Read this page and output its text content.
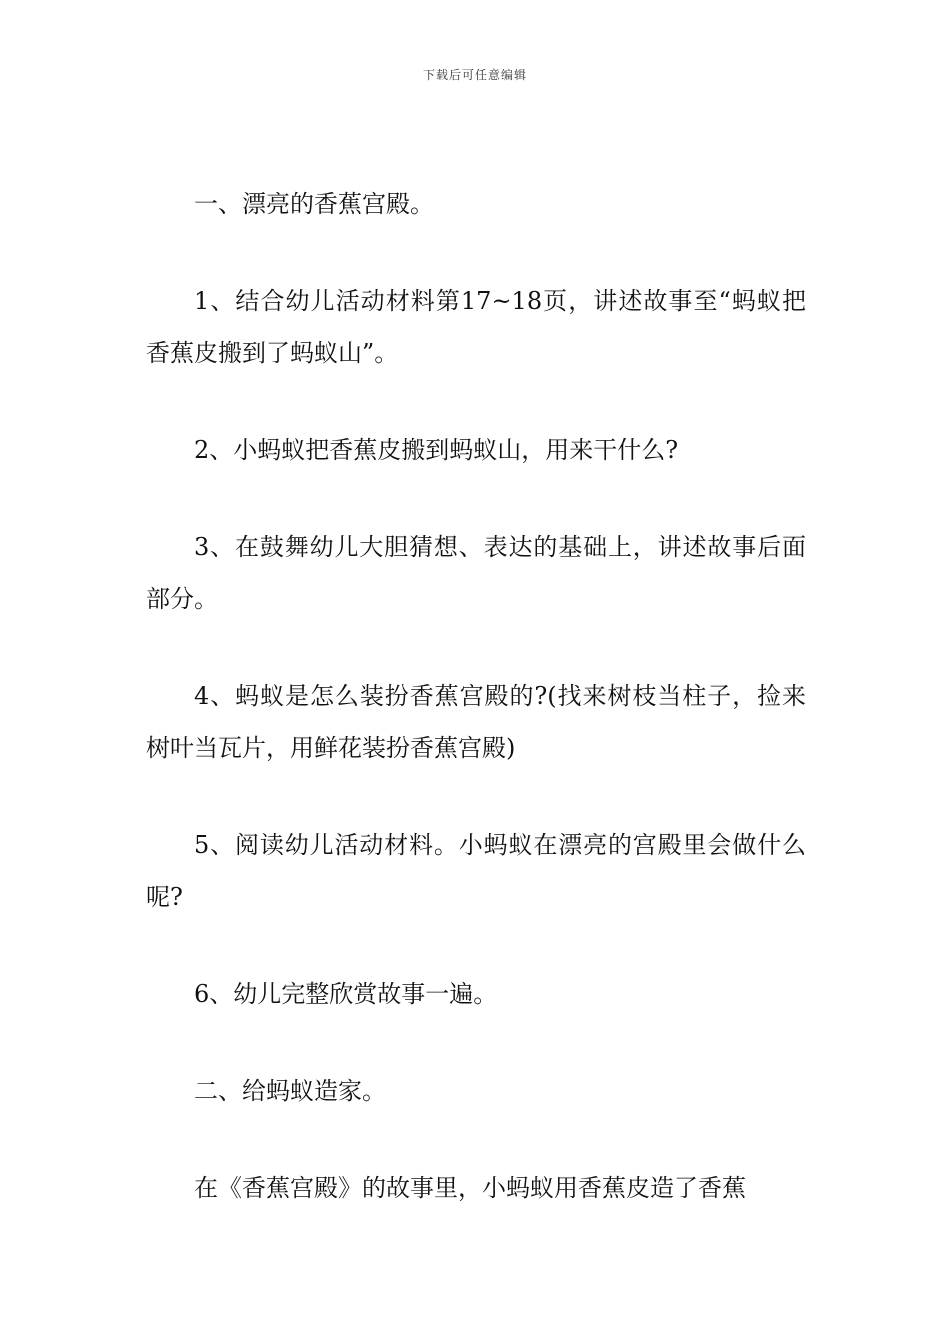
下载后可任意编辑

一、漂亮的香蕉宫殿。

1、结合幼儿活动材料第17~18页，讲述故事至“蚂蚁把香蕉皮搬到了蚂蚁山”。

2、小蚂蚁把香蕉皮搬到蚂蚁山，用来干什么?

3、在鼓舞幼儿大胆猜想、表达的基础上，讲述故事后面部分。

4、蚂蚁是怎么装扮香蕉宫殿的?(找来树枝当柱子，捡来树叶当瓦片，用鲜花装扮香蕉宫殿)

5、阅读幼儿活动材料。小蚂蚁在漂亮的宫殿里会做什么呢?

6、幼儿完整欣赏故事一遍。

二、给蚂蚁造家。

在《香蕉宫殿》的故事里，小蚂蚁用香蕉皮造了香蕉
